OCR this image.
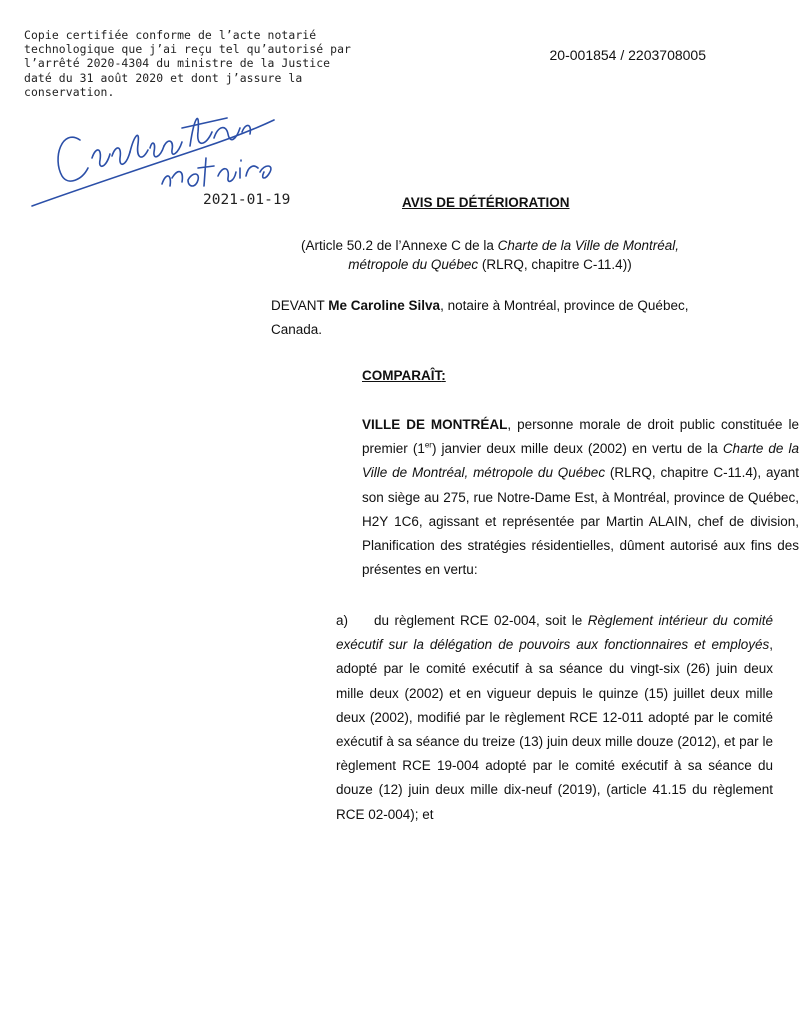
Copie certifiée conforme de l’acte notarié
technologique que j’ai reçu tel qu’autorisé par
l’arrêté 2020-4304 du ministre de la Justice
daté du 31 août 2020 et dont j’assure la
conservation.
2021-01-19
20-001854 / 2203708005
AVIS DE DÉTÉRIORATION
(Article 50.2 de l’Annexe C de la Charte de la Ville de Montréal,
métropole du Québec (RLRQ, chapitre C-11.4))
DEVANT Me Caroline Silva, notaire à Montréal, province de Québec, Canada.
COMPARAÎT:
VILLE DE MONTRÉAL, personne morale de droit public constituée le premier (1er) janvier deux mille deux (2002) en vertu de la Charte de la Ville de Montréal, métropole du Québec (RLRQ, chapitre C-11.4), ayant son siège au 275, rue Notre-Dame Est, à Montréal, province de Québec, H2Y 1C6, agissant et représentée par Martin ALAIN, chef de division, Planification des stratégies résidentielles, dûment autorisé aux fins des présentes en vertu:
a) du règlement RCE 02-004, soit le Règlement intérieur du comité exécutif sur la délégation de pouvoirs aux fonctionnaires et employés, adopté par le comité exécutif à sa séance du vingt-six (26) juin deux mille deux (2002) et en vigueur depuis le quinze (15) juillet deux mille deux (2002), modifié par le règlement RCE 12-011 adopté par le comité exécutif à sa séance du treize (13) juin deux mille douze (2012), et par le règlement RCE 19-004 adopté par le comité exécutif à sa séance du douze (12) juin deux mille dix-neuf (2019), (article 41.15 du règlement RCE 02-004); et
